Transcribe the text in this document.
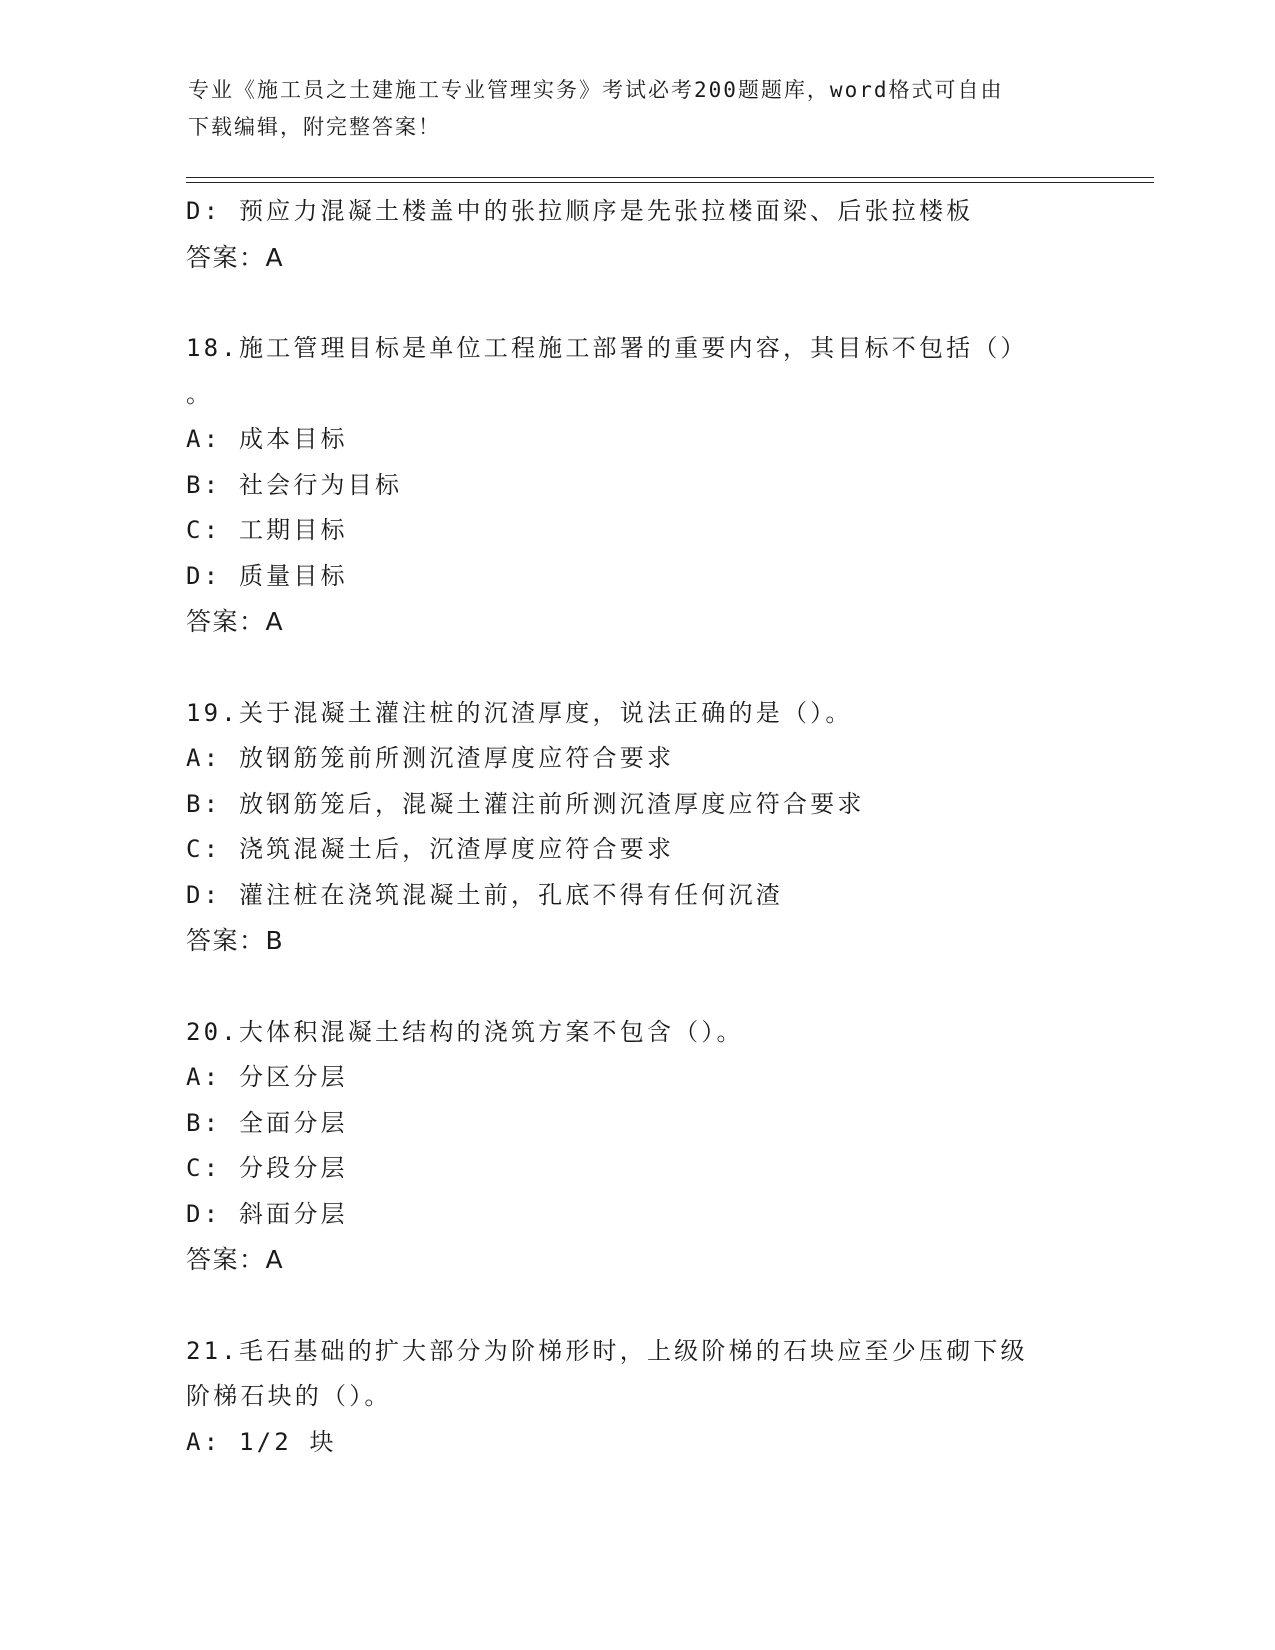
专业《施工员之土建施工专业管理实务》考试必考200题题库，word格式可自由
下载编辑，附完整答案！
D: 预应力混凝土楼盖中的张拉顺序是先张拉楼面梁、后张拉楼板
答案：A
18.施工管理目标是单位工程施工部署的重要内容，其目标不包括（）
。
A: 成本目标
B: 社会行为目标
C: 工期目标
D: 质量目标
答案：A
19.关于混凝土灌注桩的沉渣厚度，说法正确的是（）。
A: 放钢筋笼前所测沉渣厚度应符合要求
B: 放钢筋笼后，混凝土灌注前所测沉渣厚度应符合要求
C: 浇筑混凝土后，沉渣厚度应符合要求
D: 灌注桩在浇筑混凝土前，孔底不得有任何沉渣
答案：B
20.大体积混凝土结构的浇筑方案不包含（）。
A: 分区分层
B: 全面分层
C: 分段分层
D: 斜面分层
答案：A
21.毛石基础的扩大部分为阶梯形时，上级阶梯的石块应至少压砌下级
阶梯石块的（）。
A: 1/2 块
